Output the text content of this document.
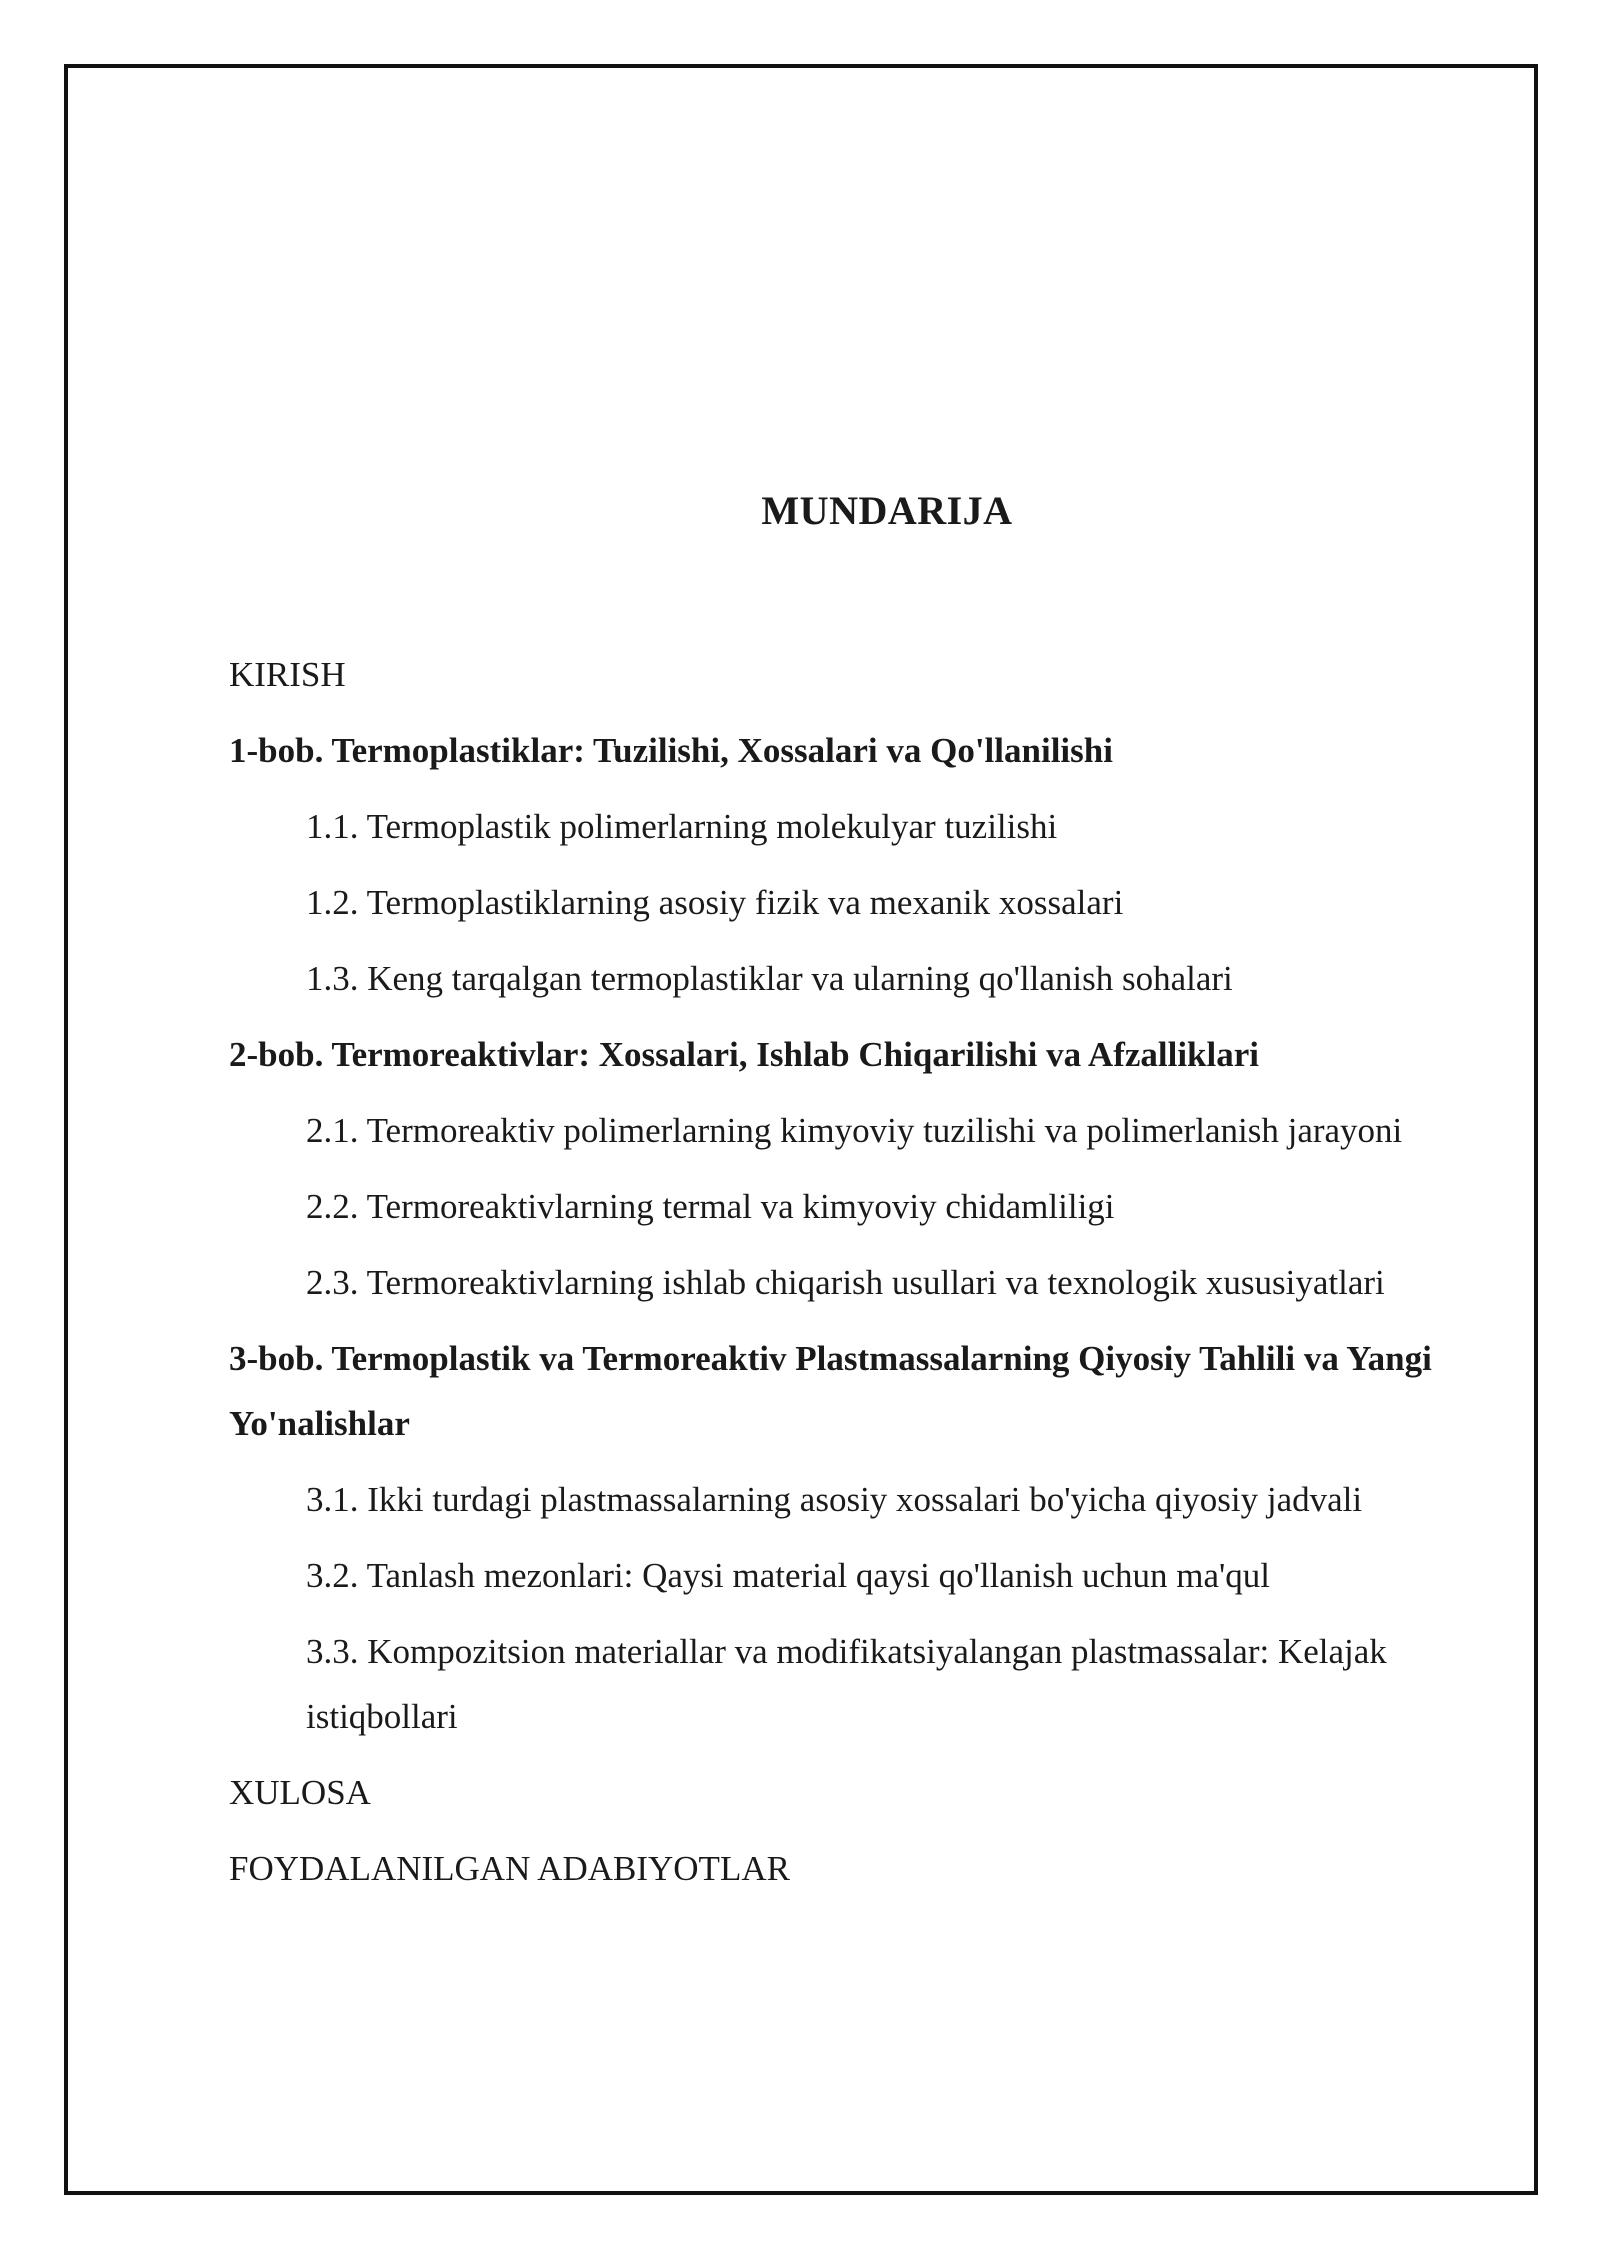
MUNDARIJA
KIRISH
1-bob. Termoplastiklar: Tuzilishi, Xossalari va Qo'llanilishi
1.1. Termoplastik polimerlarning molekulyar tuzilishi
1.2. Termoplastiklarning asosiy fizik va mexanik xossalari
1.3. Keng tarqalgan termoplastiklar va ularning qo'llanish sohalari
2-bob. Termoreaktivlar: Xossalari, Ishlab Chiqarilishi va Afzalliklari
2.1. Termoreaktiv polimerlarning kimyoviy tuzilishi va polimerlanish jarayoni
2.2. Termoreaktivlarning termal va kimyoviy chidamliligi
2.3. Termoreaktivlarning ishlab chiqarish usullari va texnologik xususiyatlari
3-bob. Termoplastik va Termoreaktiv Plastmassalarning Qiyosiy Tahlili va Yangi Yo'nalishlar
3.1. Ikki turdagi plastmassalarning asosiy xossalari bo'yicha qiyosiy jadvali
3.2. Tanlash mezonlari: Qaysi material qaysi qo'llanish uchun ma'qul
3.3. Kompozitsion materiallar va modifikatsiyalangan plastmassalar: Kelajak istiqbollari
XULOSA
FOYDALANILGAN ADABIYOTLAR
